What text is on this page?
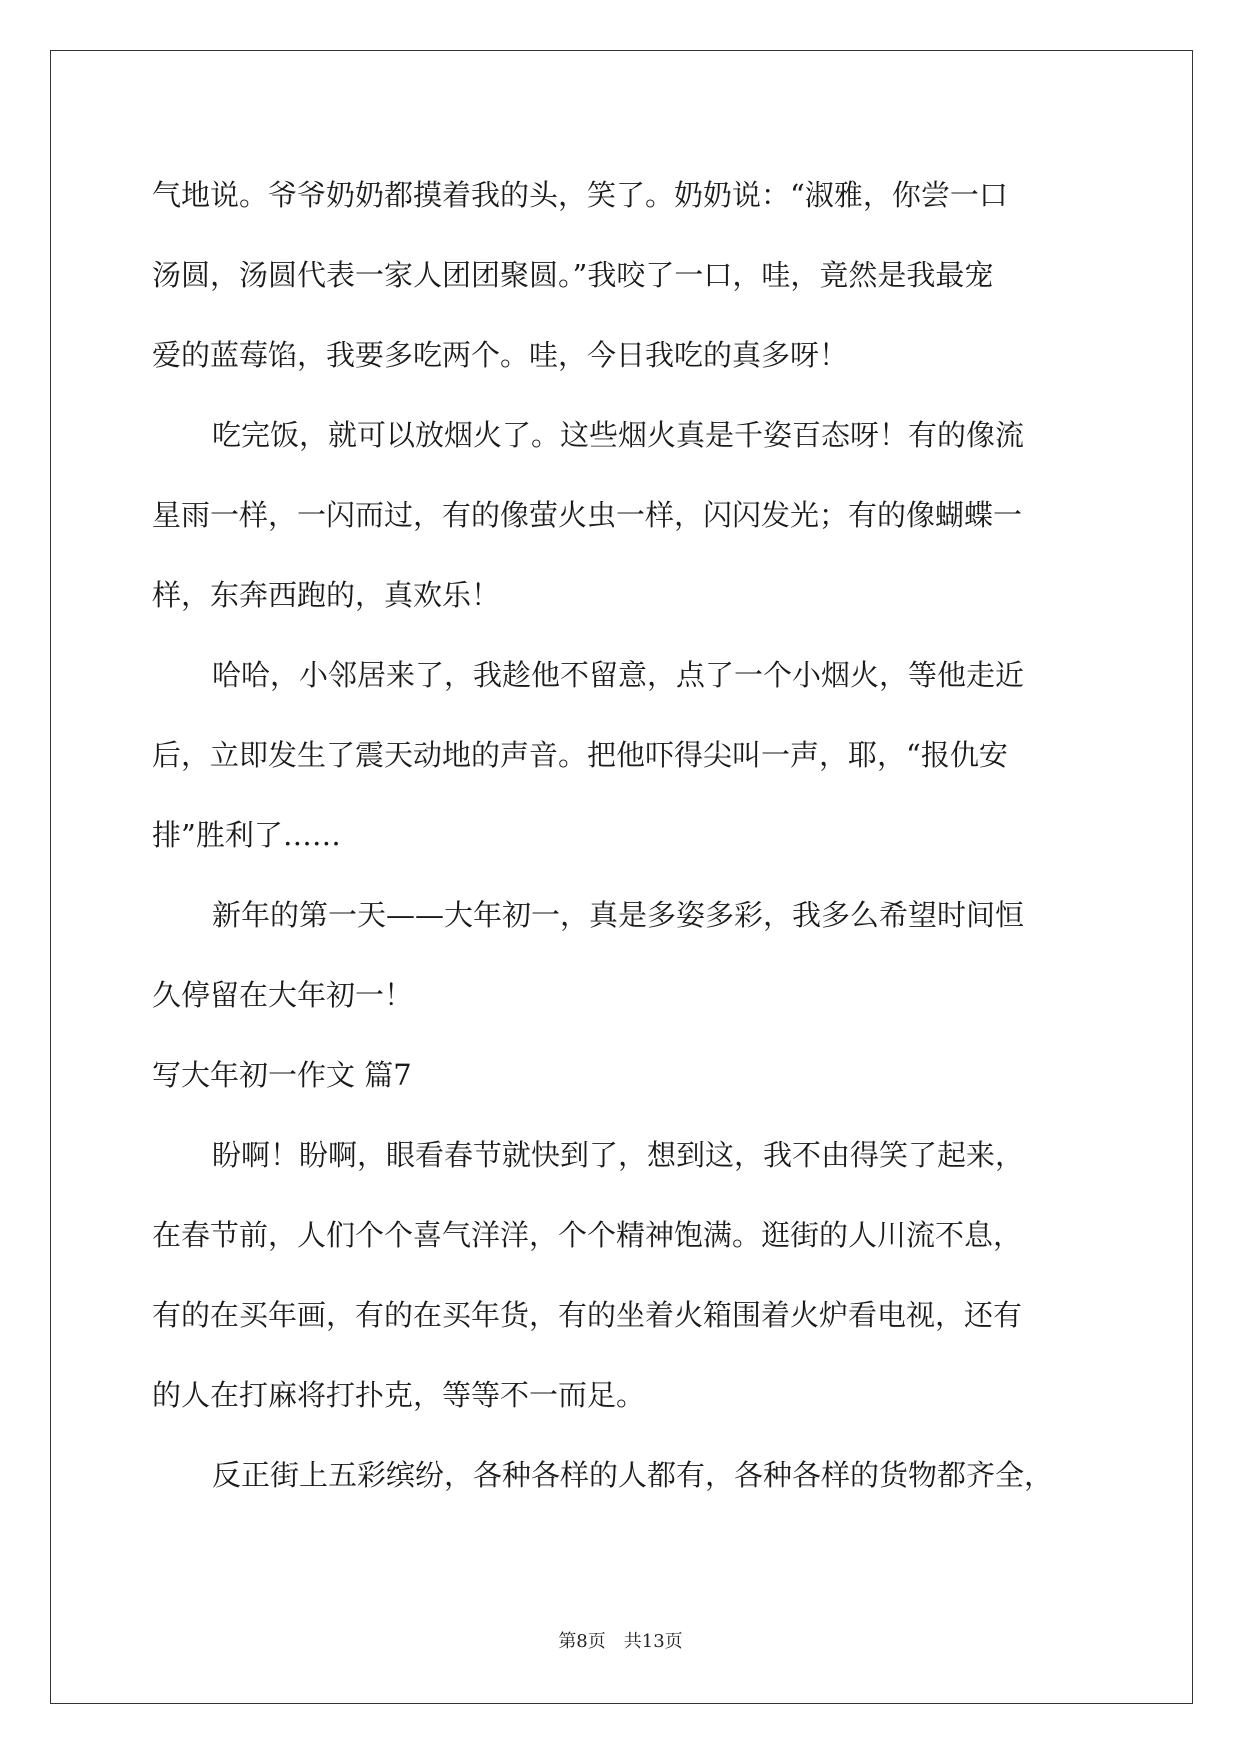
气地说。爷爷奶奶都摸着我的头，笑了。奶奶说：“淑雅，你尝一口
汤圆，汤圆代表一家人团团聚圆。”我咬了一口，哇，竟然是我最宠
爱的蓝莓馅，我要多吃两个。哇，今日我吃的真多呀！
吃完饭，就可以放烟火了。这些烟火真是千姿百态呀！有的像流
星雨一样，一闪而过，有的像萤火虫一样，闪闪发光；有的像蝴蝶一
样，东奔西跑的，真欢乐！
哈哈，小邻居来了，我趁他不留意，点了一个小烟火，等他走近
后，立即发生了震天动地的声音。把他吓得尖叫一声，耶，“报仇安
排”胜利了……
新年的第一天——大年初一，真是多姿多彩，我多么希望时间恒
久停留在大年初一！
写大年初一作文 篇7
盼啊！盼啊，眼看春节就快到了，想到这，我不由得笑了起来，
在春节前，人们个个喜气洋洋，个个精神饱满。逛街的人川流不息，
有的在买年画，有的在买年货，有的坐着火箱围着火炉看电视，还有
的人在打麻将打扑克，等等不一而足。
反正街上五彩缤纷，各种各样的人都有，各种各样的货物都齐全，
第8页　共13页
